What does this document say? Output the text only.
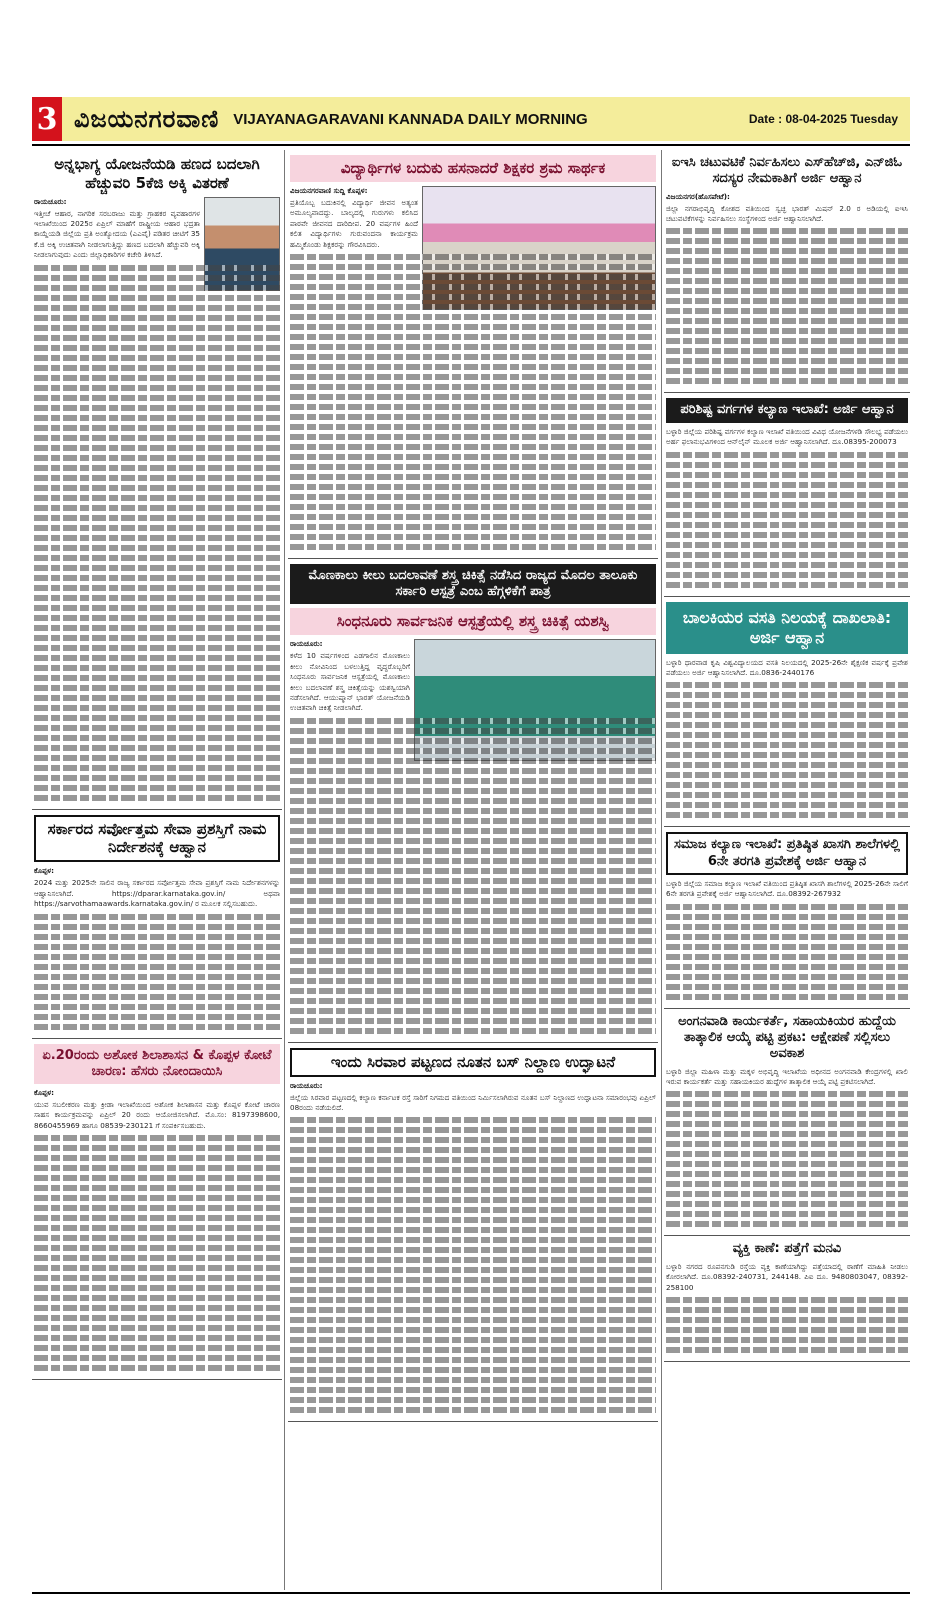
3 ವಿಜಯನಗರವಾಣಿ VIJAYANAGARAVANI KANNADA DAILY MORNING	Date : 08-04-2025 Tuesday
ಅನ್ನಭಾಗ್ಯ ಯೋಜನೆಯಡಿ ಹಣದ ಬದಲಾಗಿ ಹೆಚ್ಚುವರಿ 5ಕೆಜಿ ಅಕ್ಕಿ ವಿತರಣೆ

ರಾಯಚೂರು:

ಇತ್ತೀಚೆ ಆಹಾರ, ನಾಗರಿಕ ಸರಬರಾಜು ಮತ್ತು ಗ್ರಾಹಕರ ವ್ಯವಹಾರಗಳ ಇಲಾಖೆಯಿಂದ 2025ರ ಏಪ್ರಿಲ್ ಮಾಹೆಗೆ ರಾಷ್ಟ್ರೀಯ ಆಹಾರ ಭದ್ರತಾ ಕಾಯ್ದೆಯಡಿ ಜಿಲ್ಲೆಯ ಪ್ರತಿ ಅಂತ್ಯೋದಯ (ಎಎವೈ) ಪಡಿತರ ಚೀಟಿಗೆ 35 ಕೆ.ಜಿ ಅಕ್ಕಿ ಉಚಿತವಾಗಿ ನೀಡಲಾಗುತ್ತಿದ್ದು ಹಣದ ಬದಲಾಗಿ ಹೆಚ್ಚುವರಿ ಅಕ್ಕಿ ನೀಡಲಾಗುವುದು ಎಂದು ಜಿಲ್ಲಾಧಿಕಾರಿಗಳ ಕಚೇರಿ ತಿಳಿಸಿದೆ.

ಸರ್ಕಾರದ ಸರ್ವೋತ್ತಮ ಸೇವಾ ಪ್ರಶಸ್ತಿಗೆ ನಾಮ ನಿರ್ದೇಶನಕ್ಕೆ ಆಹ್ವಾನ

ಕೊಪ್ಪಳ:

2024 ಮತ್ತು 2025ನೇ ಸಾಲಿನ ರಾಜ್ಯ ಸರ್ಕಾರದ ಸರ್ವೋತ್ತಮ ಸೇವಾ ಪ್ರಶಸ್ತಿಗೆ ನಾಮ ನಿರ್ದೇಶನಗಳನ್ನು ಆಹ್ವಾನಿಸಲಾಗಿದೆ. https://dparar.karnataka.gov.in/ ಅಥವಾ https://sarvothamaawards.karnataka.gov.in/ ರ ಮೂಲಕ ಸಲ್ಲಿಸಬಹುದು.

ಏ.20ರಂದು ಅಶೋಕ ಶಿಲಾಶಾಸನ & ಕೊಪ್ಪಳ ಕೋಟೆ ಚಾರಣ: ಹೆಸರು ನೋಂದಾಯಿಸಿ

ಕೊಪ್ಪಳ:

ಯುವ ಸಬಲೀಕರಣ ಮತ್ತು ಕ್ರೀಡಾ ಇಲಾಖೆಯಿಂದ ಅಶೋಕ ಶಿಲಾಶಾಸನ ಮತ್ತು ಕೊಪ್ಪಳ ಕೋಟೆ ಚಾರಣ ಸಾಹಸ ಕಾರ್ಯಕ್ರಮವನ್ನು ಏಪ್ರಿಲ್ 20 ರಂದು ಆಯೋಜಿಸಲಾಗಿದೆ. ಮೊ.ಸಂ: 8197398600, 8660455969 ಹಾಗೂ 08539-230121 ಗೆ ಸಂಪರ್ಕಿಸಬಹುದು.

ವಿದ್ಯಾರ್ಥಿಗಳ ಬದುಕು ಹಸನಾದರೆ ಶಿಕ್ಷಕರ ಶ್ರಮ ಸಾರ್ಥಕ

ವಿಜಯನಗರವಾಣಿ ಸುದ್ದಿ ಕೊಪ್ಪಳ:

ಪ್ರತಿಯೊಬ್ಬ ಬದುಕಿನಲ್ಲಿ ವಿದ್ಯಾರ್ಥಿ ಜೀವನ ಅತ್ಯಂತ ಅಮೂಲ್ಯವಾದದ್ದು. ಬಾಲ್ಯದಲ್ಲಿ ಗುರುಗಳು ಕಲಿಸಿದ ಪಾಠವೇ ಜೀವನದ ದಾರಿದೀಪ. 20 ವರ್ಷಗಳ ಹಿಂದೆ ಕಲಿತ ವಿದ್ಯಾರ್ಥಿಗಳು ಗುರುವಂದನಾ ಕಾರ್ಯಕ್ರಮ ಹಮ್ಮಿಕೊಂಡು ಶಿಕ್ಷಕರನ್ನು ಗೌರವಿಸಿದರು.

ಮೊಣಕಾಲು ಕೀಲು ಬದಲಾವಣೆ ಶಸ್ತ್ರ ಚಿಕಿತ್ಸೆ ನಡೆಸಿದ ರಾಜ್ಯದ ಮೊದಲ ತಾಲೂಕು ಸರ್ಕಾರಿ ಆಸ್ಪತ್ರೆ ಎಂಬ ಹೆಗ್ಗಳಿಕೆಗೆ ಪಾತ್ರ
ಸಿಂಧನೂರು ಸಾರ್ವಜನಿಕ ಆಸ್ಪತ್ರೆಯಲ್ಲಿ ಶಸ್ತ್ರ ಚಿಕಿತ್ಸೆ ಯಶಸ್ವಿ

ರಾಯಚೂರು:

ಕಳೆದ 10 ವರ್ಷಗಳಿಂದ ಎಡಗಾಲಿನ ಮೊಣಕಾಲು ಕೀಲು ನೋವಿನಿಂದ ಬಳಲುತ್ತಿದ್ದ ವೃದ್ಧರೊಬ್ಬರಿಗೆ ಸಿಂಧನೂರು ಸಾರ್ವಜನಿಕ ಆಸ್ಪತ್ರೆಯಲ್ಲಿ ಮೊಣಕಾಲು ಕೀಲು ಬದಲಾವಣೆ ಶಸ್ತ್ರ ಚಿಕಿತ್ಸೆಯನ್ನು ಯಶಸ್ವಿಯಾಗಿ ನಡೆಸಲಾಗಿದೆ. ಆಯುಷ್ಮಾನ್ ಭಾರತ್ ಯೋಜನೆಯಡಿ ಉಚಿತವಾಗಿ ಚಿಕಿತ್ಸೆ ನೀಡಲಾಗಿದೆ.

ಇಂದು ಸಿರವಾರ ಪಟ್ಟಣದ ನೂತನ ಬಸ್ ನಿಲ್ದಾಣ ಉದ್ಘಾಟನೆ

ರಾಯಚೂರು:

ಜಿಲ್ಲೆಯ ಸಿರವಾರ ಪಟ್ಟಣದಲ್ಲಿ ಕಲ್ಯಾಣ ಕರ್ನಾಟಕ ರಸ್ತೆ ಸಾರಿಗೆ ನಿಗಮದ ವತಿಯಿಂದ ನಿರ್ಮಿಸಲಾಗಿರುವ ನೂತನ ಬಸ್ ನಿಲ್ದಾಣದ ಉದ್ಘಾಟನಾ ಸಮಾರಂಭವು ಏಪ್ರಿಲ್ 08ರಂದು ನಡೆಯಲಿದೆ.

ಐಇಸಿ ಚಟುವಟಿಕೆ ನಿರ್ವಹಿಸಲು ಎಸ್‌ಹೆಚ್‌ಜಿ, ಎನ್‌ಜಿಓ ಸದಸ್ಯರ ನೇಮಕಾತಿಗೆ ಅರ್ಜಿ ಆಹ್ವಾನ

ವಿಜಯನಗರ(ಹೊಸಪೇಟೆ):

ಜಿಲ್ಲಾ ನಗರಾಭಿವೃದ್ಧಿ ಕೋಶದ ವತಿಯಿಂದ ಸ್ವಚ್ಛ ಭಾರತ್ ಮಿಷನ್ 2.0 ರ ಅಡಿಯಲ್ಲಿ ಐಇಸಿ ಚಟುವಟಿಕೆಗಳನ್ನು ನಿರ್ವಹಿಸಲು ಸಂಸ್ಥೆಗಳಿಂದ ಅರ್ಜಿ ಆಹ್ವಾನಿಸಲಾಗಿದೆ.

ಪರಿಶಿಷ್ಟ ವರ್ಗಗಳ ಕಲ್ಯಾಣ ಇಲಾಖೆ: ಅರ್ಜಿ ಆಹ್ವಾನ

ಬಳ್ಳಾರಿ ಜಿಲ್ಲೆಯ ಪರಿಶಿಷ್ಟ ವರ್ಗಗಳ ಕಲ್ಯಾಣ ಇಲಾಖೆ ವತಿಯಿಂದ ವಿವಿಧ ಯೋಜನೆಗಳಡಿ ಸೌಲಭ್ಯ ಪಡೆಯಲು ಅರ್ಹ ಫಲಾನುಭವಿಗಳಿಂದ ಆನ್‌ಲೈನ್ ಮೂಲಕ ಅರ್ಜಿ ಆಹ್ವಾನಿಸಲಾಗಿದೆ. ದೂ.08395-200073

ಬಾಲಕಿಯರ ವಸತಿ ನಿಲಯಕ್ಕೆ ದಾಖಲಾತಿ: ಅರ್ಜಿ ಆಹ್ವಾನ

ಬಳ್ಳಾರಿ ಧಾರವಾಡ ಕೃಷಿ ವಿಶ್ವವಿದ್ಯಾಲಯದ ವಸತಿ ನಿಲಯದಲ್ಲಿ 2025-26ನೇ ಶೈಕ್ಷಣಿಕ ವರ್ಷಕ್ಕೆ ಪ್ರವೇಶ ಪಡೆಯಲು ಅರ್ಜಿ ಆಹ್ವಾನಿಸಲಾಗಿದೆ. ದೂ.0836-2440176

ಸಮಾಜ ಕಲ್ಯಾಣ ಇಲಾಖೆ: ಪ್ರತಿಷ್ಠಿತ ಖಾಸಗಿ ಶಾಲೆಗಳಲ್ಲಿ 6ನೇ ತರಗತಿ ಪ್ರವೇಶಕ್ಕೆ ಅರ್ಜಿ ಆಹ್ವಾನ

ಬಳ್ಳಾರಿ ಜಿಲ್ಲೆಯ ಸಮಾಜ ಕಲ್ಯಾಣ ಇಲಾಖೆ ವತಿಯಿಂದ ಪ್ರತಿಷ್ಠಿತ ಖಾಸಗಿ ಶಾಲೆಗಳಲ್ಲಿ 2025-26ನೇ ಸಾಲಿಗೆ 6ನೇ ತರಗತಿ ಪ್ರವೇಶಕ್ಕೆ ಅರ್ಜಿ ಆಹ್ವಾನಿಸಲಾಗಿದೆ. ದೂ.08392-267932

ಅಂಗನವಾಡಿ ಕಾರ್ಯಕರ್ತೆ, ಸಹಾಯಕಿಯರ ಹುದ್ದೆಯ ತಾತ್ಕಾಲಿಕ ಆಯ್ಕೆ ಪಟ್ಟಿ ಪ್ರಕಟ: ಆಕ್ಷೇಪಣೆ ಸಲ್ಲಿಸಲು ಅವಕಾಶ

ಬಳ್ಳಾರಿ ಜಿಲ್ಲಾ ಮಹಿಳಾ ಮತ್ತು ಮಕ್ಕಳ ಅಭಿವೃದ್ಧಿ ಇಲಾಖೆಯ ಅಧೀನದ ಅಂಗನವಾಡಿ ಕೇಂದ್ರಗಳಲ್ಲಿ ಖಾಲಿ ಇರುವ ಕಾರ್ಯಕರ್ತೆ ಮತ್ತು ಸಹಾಯಕಿಯರ ಹುದ್ದೆಗಳ ತಾತ್ಕಾಲಿಕ ಆಯ್ಕೆ ಪಟ್ಟಿ ಪ್ರಕಟಿಸಲಾಗಿದೆ.

ವ್ಯಕ್ತಿ ಕಾಣೆ: ಪತ್ತೆಗೆ ಮನವಿ

ಬಳ್ಳಾರಿ ನಗರದ ರೂಪನಗುಡಿ ರಸ್ತೆಯ ವ್ಯಕ್ತಿ ಕಾಣೆಯಾಗಿದ್ದು ಪತ್ತೆಯಾದಲ್ಲಿ ಠಾಣೆಗೆ ಮಾಹಿತಿ ನೀಡಲು ಕೋರಲಾಗಿದೆ. ದೂ.08392-240731, 244148. ಪಿಐ ದೂ. 9480803047, 08392-258100
